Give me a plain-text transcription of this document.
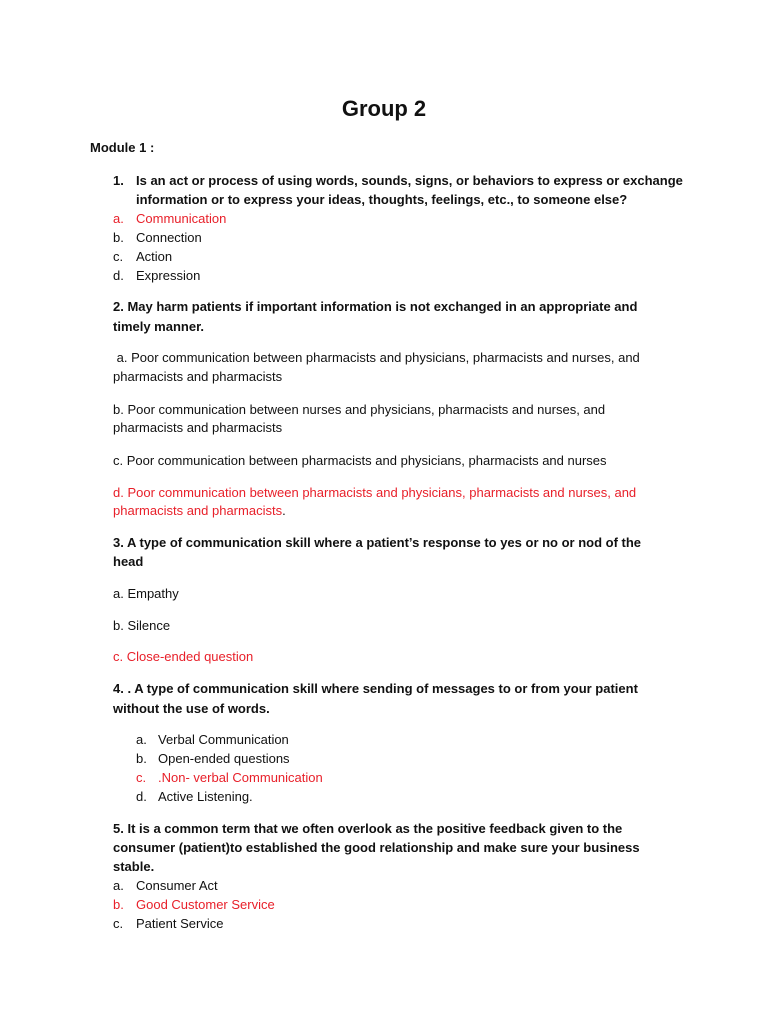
Group 2
Module 1 :
1. Is an act or process of using words, sounds, signs, or behaviors to express or exchange
information or to express your ideas, thoughts, feelings, etc., to someone else?
a. Communication
b. Connection
c. Action
d. Expression
2. May harm patients if important information is not exchanged in an appropriate and
timely manner.
a. Poor communication between pharmacists and physicians, pharmacists and nurses, and
pharmacists and pharmacists
b. Poor communication between nurses and physicians, pharmacists and nurses, and
pharmacists and pharmacists
c. Poor communication between pharmacists and physicians, pharmacists and nurses
d. Poor communication between pharmacists and physicians, pharmacists and nurses, and
pharmacists and pharmacists.
3. A type of communication skill where a patient’s response to yes or no or nod of the
head
a. Empathy
b. Silence
c. Close-ended question
4. . A type of communication skill where sending of messages to or from your patient
without the use of words.
a. Verbal Communication
b. Open-ended questions
c. .Non- verbal Communication
d. Active Listening.
5. It is a common term that we often overlook as the positive feedback given to the
consumer (patient)to established the good relationship and make sure your business
stable.
a. Consumer Act
b. Good Customer Service
c. Patient Service
